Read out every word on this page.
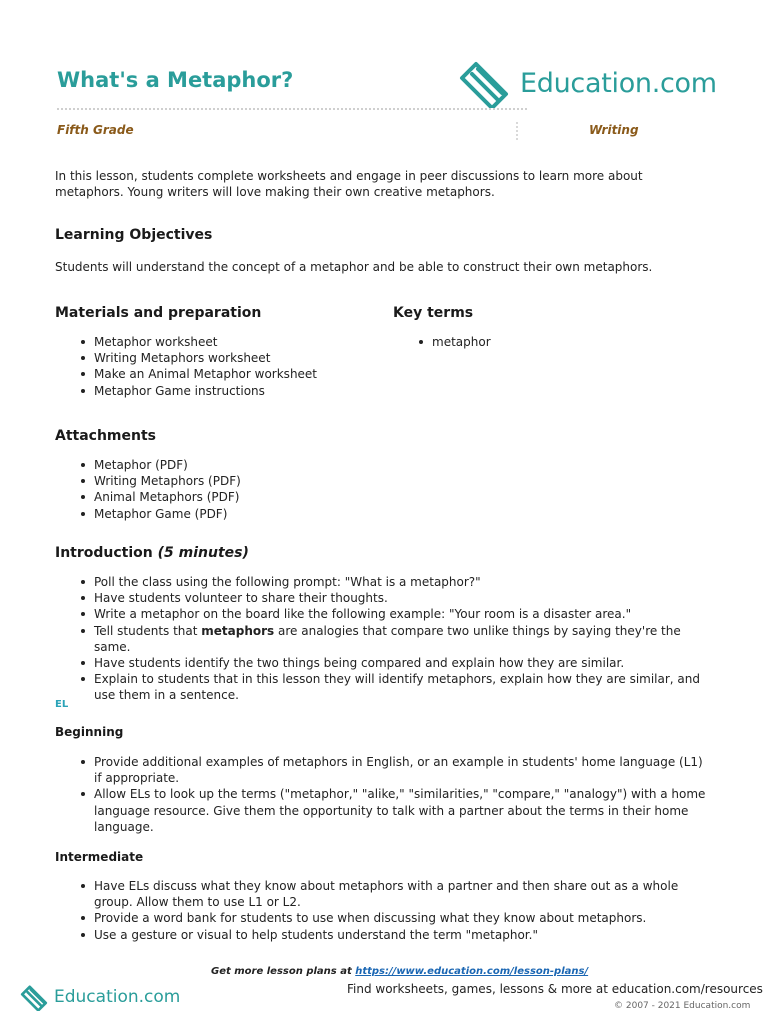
What's a Metaphor?	Education.com
Fifth Grade	Writing
In this lesson, students complete worksheets and engage in peer discussions to learn more about metaphors. Young writers will love making their own creative metaphors.
Learning Objectives
Students will understand the concept of a metaphor and be able to construct their own metaphors.
Materials and preparation
Metaphor worksheet
Writing Metaphors worksheet
Make an Animal Metaphor worksheet
Metaphor Game instructions
Key terms
metaphor
Attachments
Metaphor (PDF)
Writing Metaphors (PDF)
Animal Metaphors (PDF)
Metaphor Game (PDF)
Introduction (5 minutes)
Poll the class using the following prompt: "What is a metaphor?"
Have students volunteer to share their thoughts.
Write a metaphor on the board like the following example: "Your room is a disaster area."
Tell students that metaphors are analogies that compare two unlike things by saying they're the same.
Have students identify the two things being compared and explain how they are similar.
Explain to students that in this lesson they will identify metaphors, explain how they are similar, and use them in a sentence.
EL
Beginning
Provide additional examples of metaphors in English, or an example in students' home language (L1) if appropriate.
Allow ELs to look up the terms ("metaphor," "alike," "similarities," "compare," "analogy") with a home language resource. Give them the opportunity to talk with a partner about the terms in their home language.
Intermediate
Have ELs discuss what they know about metaphors with a partner and then share out as a whole group. Allow them to use L1 or L2.
Provide a word bank for students to use when discussing what they know about metaphors.
Use a gesture or visual to help students understand the term "metaphor."
Get more lesson plans at https://www.education.com/lesson-plans/
Education.com	Find worksheets, games, lessons & more at education.com/resources
© 2007 - 2021 Education.com
